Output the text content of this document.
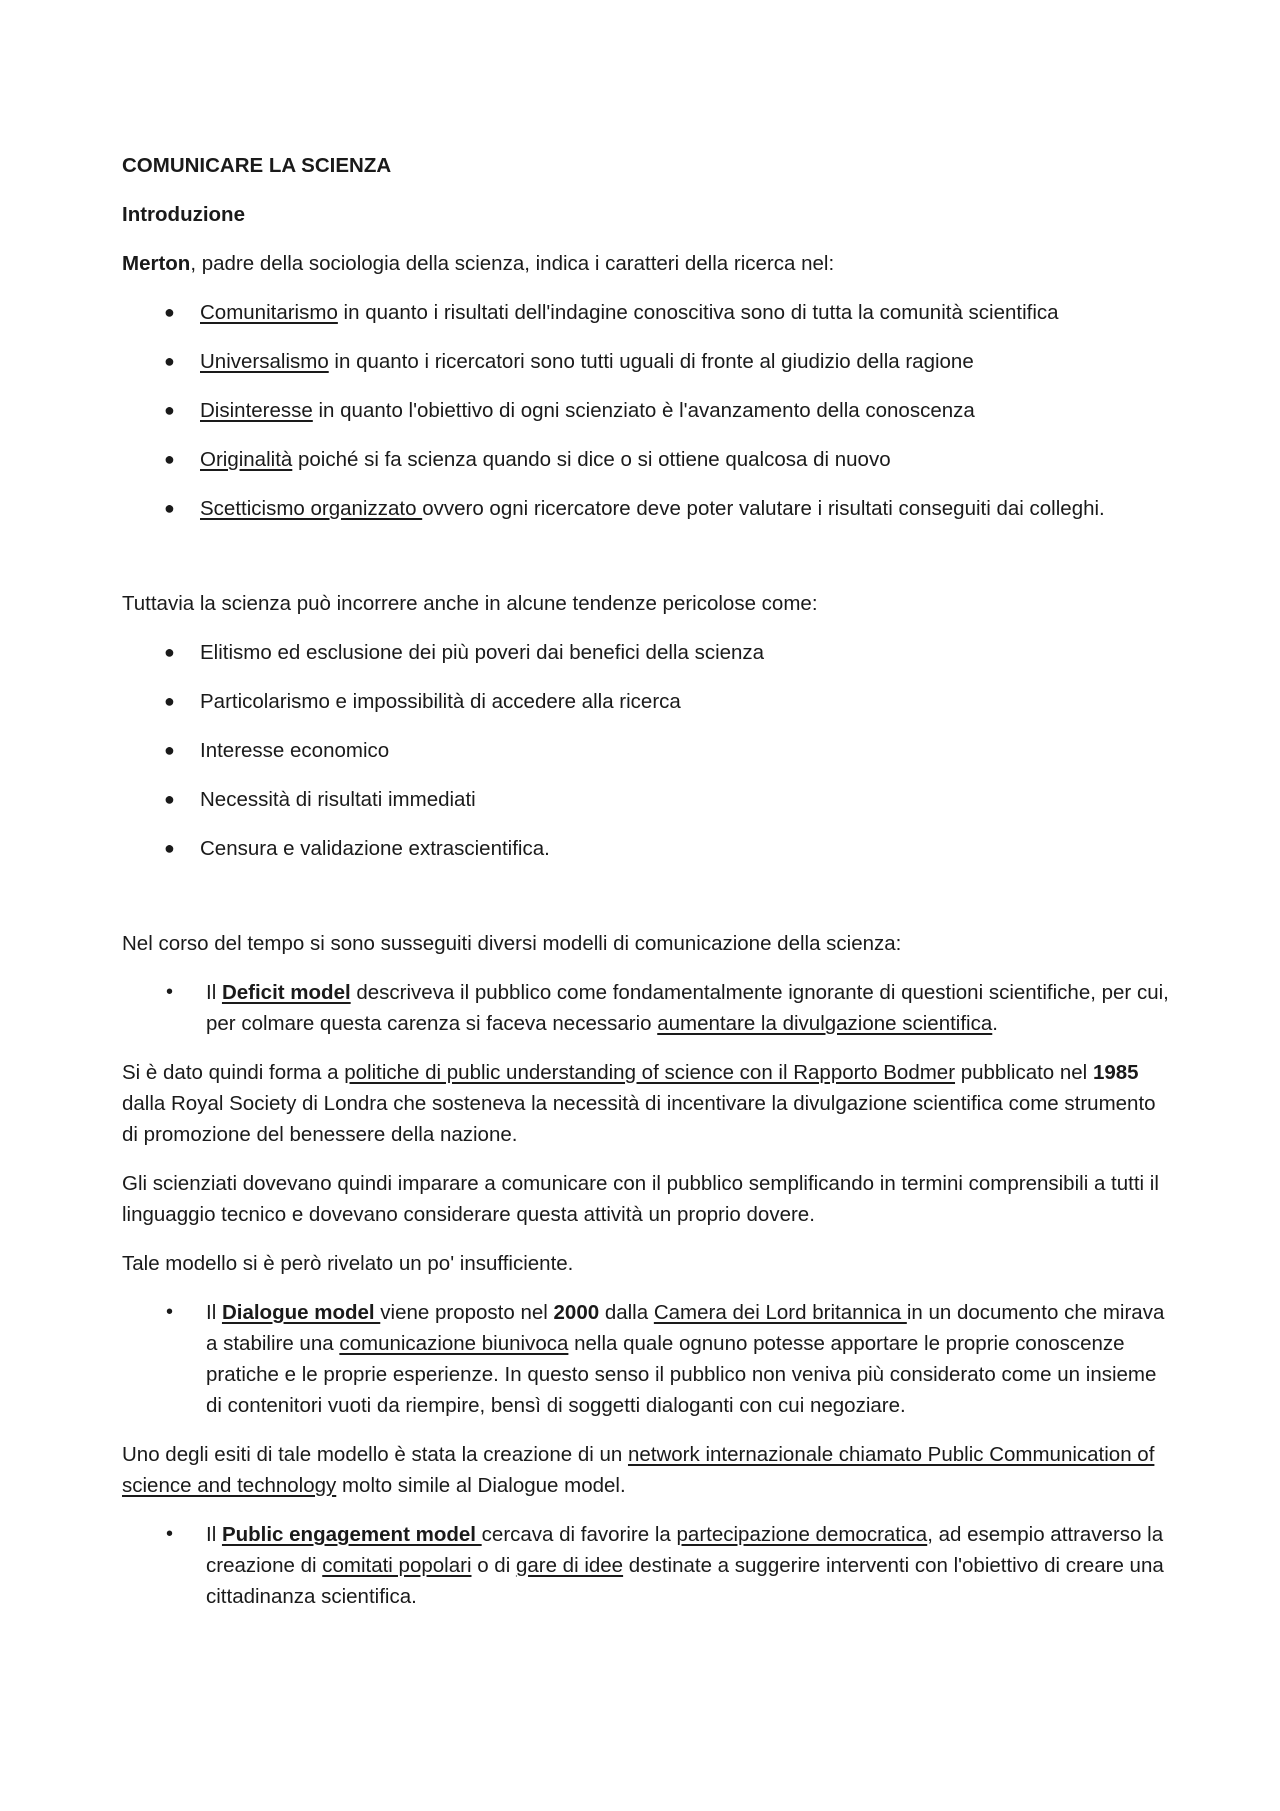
COMUNICARE LA SCIENZA

Introduzione

Merton, padre della sociologia della scienza, indica i caratteri della ricerca nel:

● Comunitarismo in quanto i risultati dell'indagine conoscitiva sono di tutta la comunità scientifica
● Universalismo in quanto i ricercatori sono tutti uguali di fronte al giudizio della ragione
● Disinteresse in quanto l'obiettivo di ogni scienziato è l'avanzamento della conoscenza
● Originalità poiché si fa scienza quando si dice o si ottiene qualcosa di nuovo
● Scetticismo organizzato ovvero ogni ricercatore deve poter valutare i risultati conseguiti dai colleghi.

Tuttavia la scienza può incorrere anche in alcune tendenze pericolose come:

● Elitismo ed esclusione dei più poveri dai benefici della scienza
● Particolarismo e impossibilità di accedere alla ricerca
● Interesse economico
● Necessità di risultati immediati
● Censura e validazione extrascientifica.

Nel corso del tempo si sono susseguiti diversi modelli di comunicazione della scienza:

• Il Deficit model descriveva il pubblico come fondamentalmente ignorante di questioni scientifiche, per cui, per colmare questa carenza si faceva necessario aumentare la divulgazione scientifica.

Si è dato quindi forma a politiche di public understanding of science con il Rapporto Bodmer pubblicato nel 1985 dalla Royal Society di Londra che sosteneva la necessità di incentivare la divulgazione scientifica come strumento di promozione del benessere della nazione.

Gli scienziati dovevano quindi imparare a comunicare con il pubblico semplificando in termini comprensibili a tutti il linguaggio tecnico e dovevano considerare questa attività un proprio dovere.

Tale modello si è però rivelato un po' insufficiente.

• Il Dialogue model viene proposto nel 2000 dalla Camera dei Lord britannica in un documento che mirava a stabilire una comunicazione biunivoca nella quale ognuno potesse apportare le proprie conoscenze pratiche e le proprie esperienze. In questo senso il pubblico non veniva più considerato come un insieme di contenitori vuoti da riempire, bensì di soggetti dialoganti con cui negoziare.

Uno degli esiti di tale modello è stata la creazione di un network internazionale chiamato Public Communication of science and technology molto simile al Dialogue model.

• Il Public engagement model cercava di favorire la partecipazione democratica, ad esempio attraverso la creazione di comitati popolari o di gare di idee destinate a suggerire interventi con l'obiettivo di creare una cittadinanza scientifica.
